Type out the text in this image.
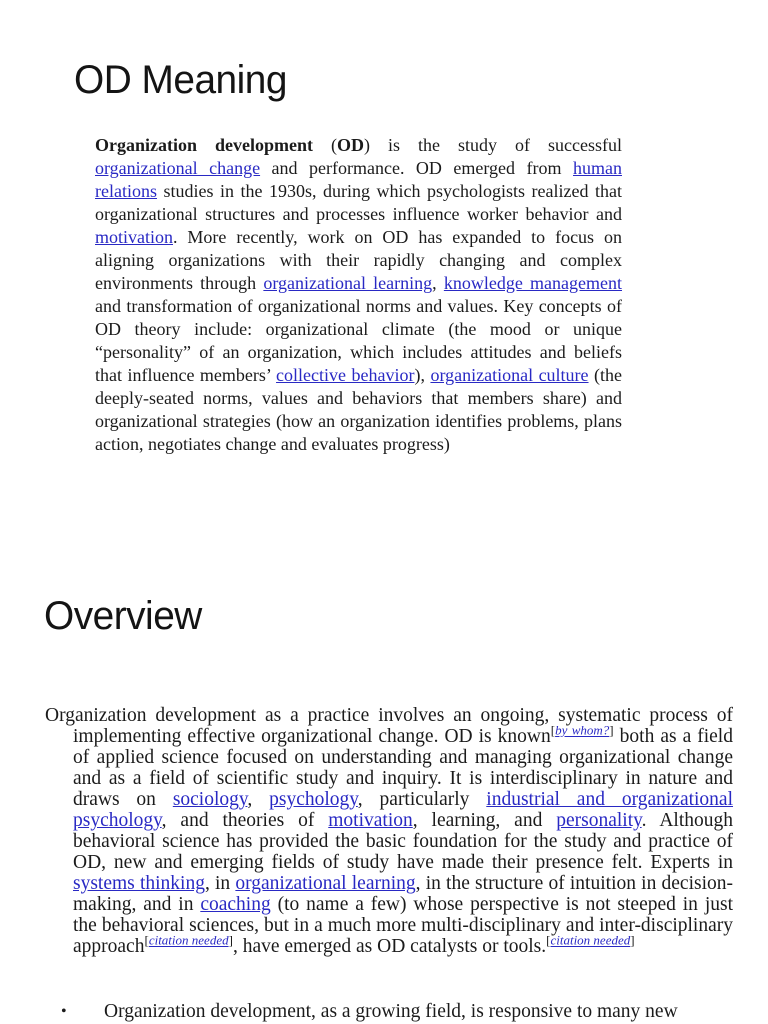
OD Meaning
Organization development (OD) is the study of successful organizational change and performance. OD emerged from human relations studies in the 1930s, during which psychologists realized that organizational structures and processes influence worker behavior and motivation. More recently, work on OD has expanded to focus on aligning organizations with their rapidly changing and complex environments through organizational learning, knowledge management and transformation of organizational norms and values. Key concepts of OD theory include: organizational climate (the mood or unique “personality” of an organization, which includes attitudes and beliefs that influence members’ collective behavior), organizational culture (the deeply-seated norms, values and behaviors that members share) and organizational strategies (how an organization identifies problems, plans action, negotiates change and evaluates progress)
Overview
Organization development as a practice involves an ongoing, systematic process of implementing effective organizational change. OD is known[by whom?] both as a field of applied science focused on understanding and managing organizational change and as a field of scientific study and inquiry. It is interdisciplinary in nature and draws on sociology, psychology, particularly industrial and organizational psychology, and theories of motivation, learning, and personality. Although behavioral science has provided the basic foundation for the study and practice of OD, new and emerging fields of study have made their presence felt. Experts in systems thinking, in organizational learning, in the structure of intuition in decision-making, and in coaching (to name a few) whose perspective is not steeped in just the behavioral sciences, but in a much more multi-disciplinary and inter-disciplinary approach[citation needed], have emerged as OD catalysts or tools.[citation needed]
•	Organization development, as a growing field, is responsive to many new
